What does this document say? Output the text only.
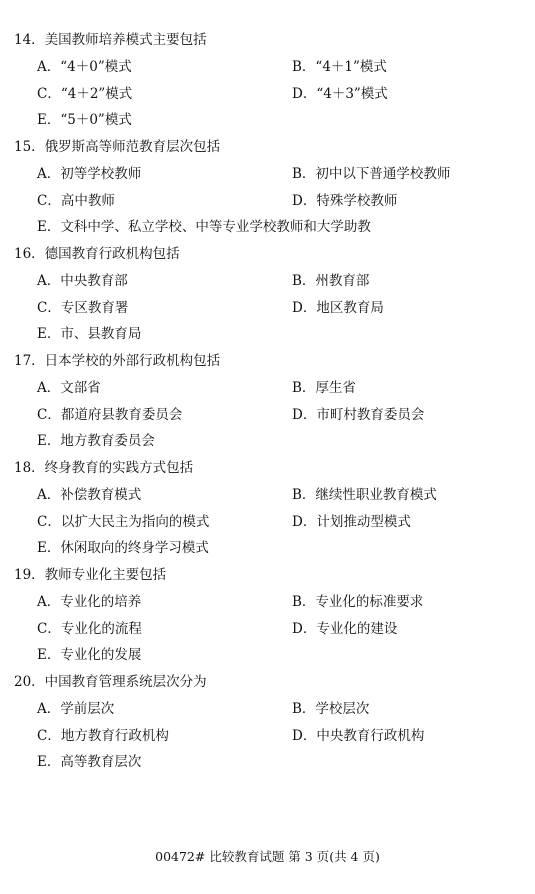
14．美国教师培养模式主要包括
A．“4＋0”模式	B．“4＋1”模式
C．“4＋2”模式	D．“4＋3”模式
E．“5＋0”模式
15．俄罗斯高等师范教育层次包括
A．初等学校教师	B．初中以下普通学校教师
C．高中教师	D．特殊学校教师
E．文科中学、私立学校、中等专业学校教师和大学助教
16．德国教育行政机构包括
A．中央教育部	B．州教育部
C．专区教育署	D．地区教育局
E．市、县教育局
17．日本学校的外部行政机构包括
A．文部省	B．厚生省
C．都道府县教育委员会	D．市町村教育委员会
E．地方教育委员会
18．终身教育的实践方式包括
A．补偿教育模式	B．继续性职业教育模式
C．以扩大民主为指向的模式	D．计划推动型模式
E．休闲取向的终身学习模式
19．教师专业化主要包括
A．专业化的培养	B．专业化的标准要求
C．专业化的流程	D．专业化的建设
E．专业化的发展
20．中国教育管理系统层次分为
A．学前层次	B．学校层次
C．地方教育行政机构	D．中央教育行政机构
E．高等教育层次
00472# 比较教育试题 第 3 页(共 4 页)
